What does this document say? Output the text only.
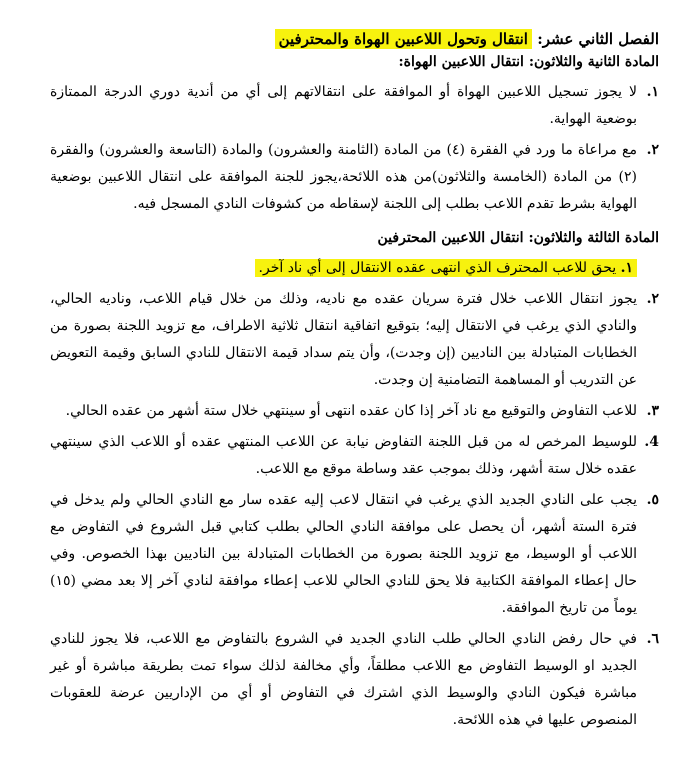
الفصل الثاني عشر: انتقال وتحول اللاعبين الهواة والمحترفين
المادة الثانية والثلاثون: انتقال اللاعبين الهواة:
١.
لا يجوز تسجيل اللاعبين الهواة أو الموافقة على انتقالاتهم إلى أي من أندية دوري الدرجة الممتازة بوضعية الهواية.
٢.
مع مراعاة ما ورد في الفقرة (٤) من المادة (الثامنة والعشرون) والمادة (التاسعة والعشرون) والفقرة (٢) من المادة (الخامسة والثلاثون)من هذه اللائحة،يجوز للجنة الموافقة على انتقال اللاعبين بوضعية الهواية بشرط تقدم اللاعب بطلب إلى اللجنة لإسقاطه من كشوفات النادي المسجل فيه.
المادة الثالثة والثلاثون: انتقال اللاعبين المحترفين
١. يحق للاعب المحترف الذي انتهى عقده الانتقال إلى أي ناد آخر.
٢.
يجوز انتقال اللاعب خلال فترة سريان عقده مع ناديه، وذلك من خلال قيام اللاعب، وناديه الحالي، والنادي الذي يرغب في الانتقال إليه؛ بتوقيع اتفاقية انتقال ثلاثية الاطراف، مع تزويد اللجنة بصورة من الخطابات المتبادلة بين الناديين (إن وجدت)، وأن يتم سداد قيمة الانتقال للنادي السابق وقيمة التعويض عن التدريب أو المساهمة التضامنية إن وجدت.
٣.
للاعب التفاوض والتوقيع مع ناد آخر إذا كان عقده انتهى أو سينتهي خلال ستة أشهر من عقده الحالي.
4.
للوسيط المرخص له من قبل اللجنة التفاوض نيابة عن اللاعب المنتهي عقده أو اللاعب الذي سينتهي عقده خلال ستة أشهر، وذلك بموجب عقد وساطة موقع مع اللاعب.
٥.
يجب على النادي الجديد الذي يرغب في انتقال لاعب إليه عقده سار مع النادي الحالي ولم يدخل في فترة الستة أشهر، أن يحصل على موافقة النادي الحالي بطلب كتابي قبل الشروع في التفاوض مع اللاعب أو الوسيط، مع تزويد اللجنة بصورة من الخطابات المتبادلة بين الناديين بهذا الخصوص. وفي حال إعطاء الموافقة الكتابية فلا يحق للنادي الحالي للاعب إعطاء موافقة لنادي آخر إلا بعد مضي (١٥) يوماً من تاريخ الموافقة.
٦.
في حال رفض النادي الحالي طلب النادي الجديد في الشروع بالتفاوض مع اللاعب، فلا يجوز للنادي الجديد او الوسيط التفاوض مع اللاعب مطلقاً، وأي مخالفة لذلك سواء تمت بطريقة مباشرة أو غير مباشرة فيكون النادي والوسيط الذي اشترك في التفاوض أو أي من الإداريين عرضة للعقوبات المنصوص عليها في هذه اللائحة.
